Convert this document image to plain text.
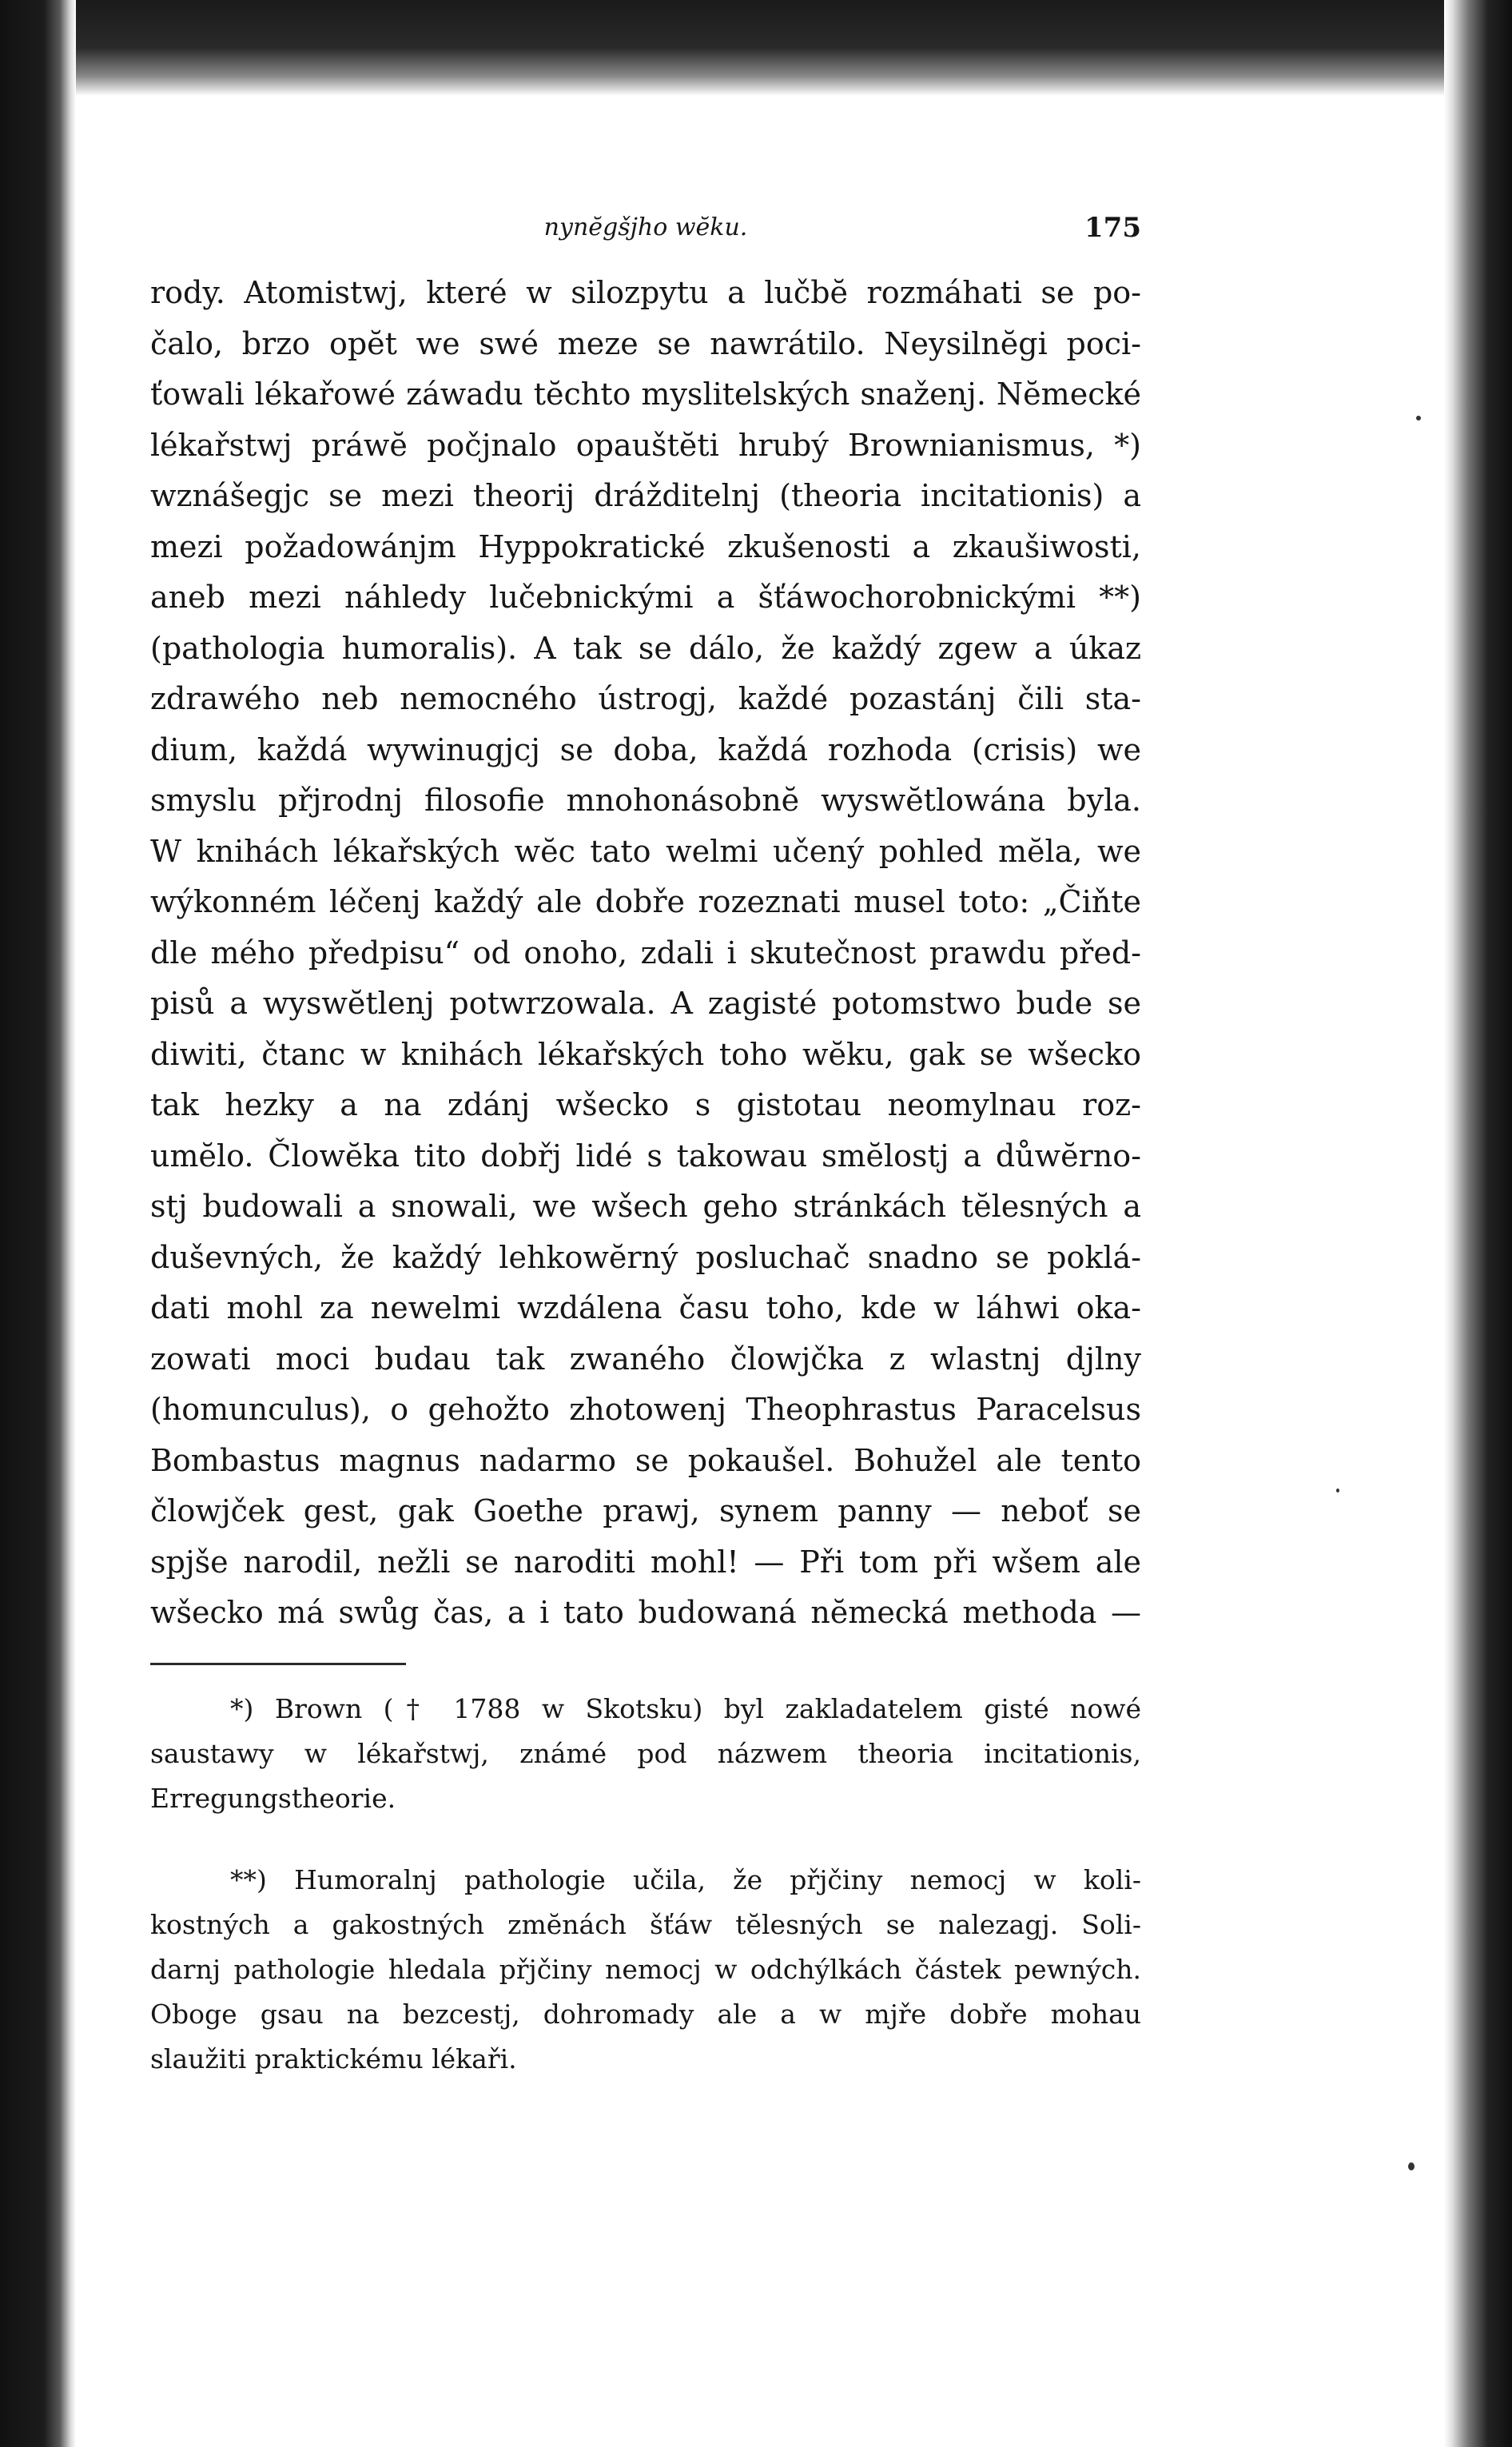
nynĕgšjho wĕku.	175
rody. Atomistwj, které w silozpytu a lučbĕ rozmáhati se po-
čalo, brzo opĕt we swé meze se nawrátilo. Neysilnĕgi poci-
ťowali lékařowé záwadu tĕchto myslitelských snaženj. Nĕmecké
lékařstwj práwĕ počjnalo opauštĕti hrubý Brownianismus, *)
wznášegjc se mezi theorij drážditelnj (theoria incitationis) a
mezi požadowánjm Hyppokratické zkušenosti a zkaušiwosti,
aneb mezi náhledy lučebnickými a šťáwochorobnickými **)
(pathologia humoralis). A tak se dálo, že každý zgew a úkaz
zdrawého neb nemocného ústrogj, každé pozastánj čili sta-
dium, každá wywinugjcj se doba, každá rozhoda (crisis) we
smyslu přjrodnj filosofie mnohonásobnĕ wyswĕtlowána byla.
W knihách lékařských wĕc tato welmi učený pohled mĕla, we
wýkonném léčenj každý ale dobře rozeznati musel toto: „Čiňte
dle mého předpisu“ od onoho, zdali i skutečnost prawdu před-
pisů a wyswĕtlenj potwrzowala. A zagisté potomstwo bude se
diwiti, čtanc w knihách lékařských toho wĕku, gak se wšecko
tak hezky a na zdánj wšecko s gistotau neomylnau roz-
umĕlo. Člowĕka tito dobřj lidé s takowau smĕlostj a důwĕrno-
stj budowali a snowali, we wšech geho stránkách tĕlesných a
duševných, že každý lehkowĕrný posluchač snadno se poklá-
dati mohl za newelmi wzdálena času toho, kde w láhwi oka-
zowati moci budau tak zwaného člowjčka z wlastnj djlny
(homunculus), o gehožto zhotowenj Theophrastus Paracelsus
Bombastus magnus nadarmo se pokaušel. Bohužel ale tento
člowjček gest, gak Goethe prawj, synem panny — neboť se
spjše narodil, nežli se naroditi mohl! — Při tom při wšem ale
wšecko má swůg čas, a i tato budowaná nĕmecká methoda —
*) Brown († 1788 w Skotsku) byl zakladatelem gisté nowé
saustawy w lékařstwj, známé pod názwem theoria incitationis,
Erregungstheorie.
**) Humoralnj pathologie učila, že přjčiny nemocj w koli-
kostných a gakostných zmĕnách šťáw tĕlesných se nalezagj. Soli-
darnj pathologie hledala přjčiny nemocj w odchýlkách částek pewných.
Oboge gsau na bezcestj, dohromady ale a w mjře dobře mohau
slaužiti praktickému lékaři.
